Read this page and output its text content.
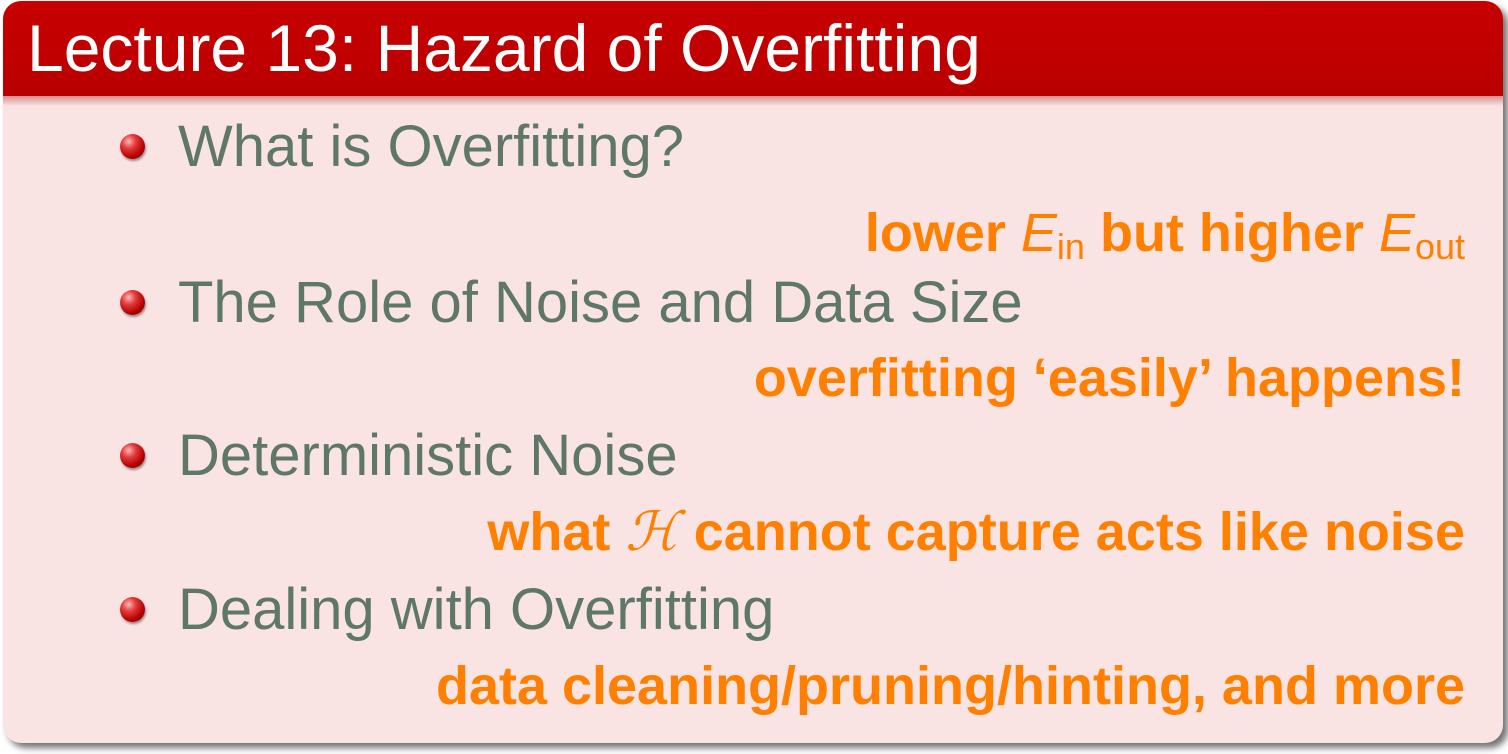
Lecture 13: Hazard of Overfitting
What is Overfitting?
lower $E_{in}$ but higher $E_{out}$
The Role of Noise and Data Size
overfitting ‘easily’ happens!
Deterministic Noise
what ℋ cannot capture acts like noise
Dealing with Overfitting
data cleaning/pruning/hinting, and more
